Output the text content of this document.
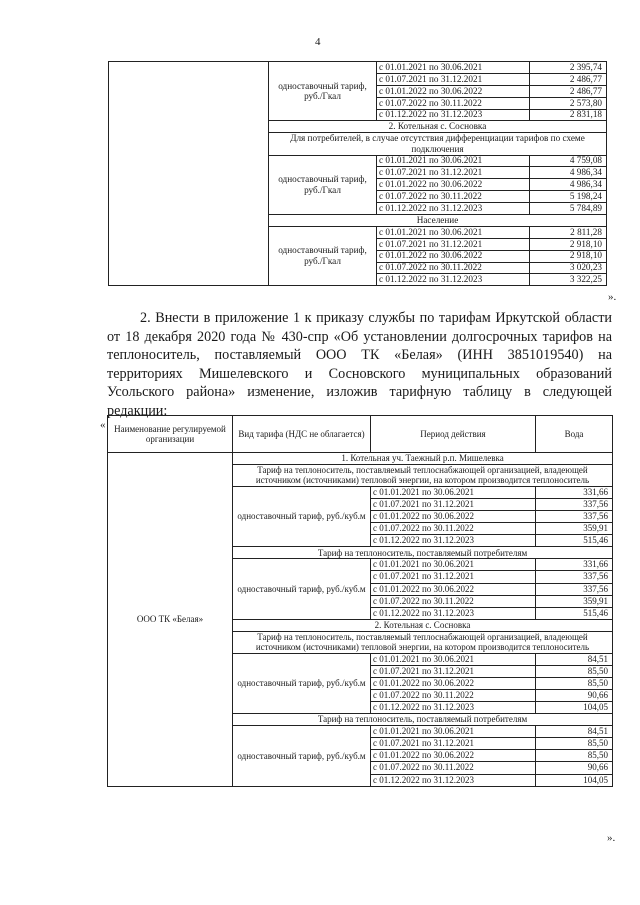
4
	одноставочный тариф, руб./Гкал	с 01.01.2021 по 30.06.2021	2 395,74
		с 01.07.2021 по 31.12.2021	2 486,77
		с 01.01.2022 по 30.06.2022	2 486,77
		с 01.07.2022 по 30.11.2022	2 573,80
		с 01.12.2022 по 31.12.2023	2 831,18
	2. Котельная с. Сосновка		
	Для потребителей, в случае отсутствия дифференциации тарифов по схеме подключения		
	одноставочный тариф, руб./Гкал	с 01.01.2021 по 30.06.2021	4 759,08
		с 01.07.2021 по 31.12.2021	4 986,34
		с 01.01.2022 по 30.06.2022	4 986,34
		с 01.07.2022 по 30.11.2022	5 198,24
		с 01.12.2022 по 31.12.2023	5 784,89
	Население		
	одноставочный тариф, руб./Гкал	с 01.01.2021 по 30.06.2021	2 811,28
		с 01.07.2021 по 31.12.2021	2 918,10
		с 01.01.2022 по 30.06.2022	2 918,10
		с 01.07.2022 по 30.11.2022	3 020,23
		с 01.12.2022 по 31.12.2023	3 322,25
».
2. Внести в приложение 1 к приказу службы по тарифам Иркутской области от 18 декабря 2020 года № 430-спр «Об установлении долгосрочных тарифов на теплоноситель, поставляемый ООО ТК «Белая» (ИНН 3851019540) на территориях Мишелевского и Сосновского муниципальных образований Усольского района» изменение, изложив тарифную таблицу в следующей редакции:
« Наименование регулируемой организации	Вид тарифа (НДС не облагается)	Период действия	Вода
ООО ТК «Белая»	1. Котельная уч. Таежный р.п. Мишелевка		
	Тариф на теплоноситель, поставляемый теплоснабжающей организацией, владеющей источником (источниками) тепловой энергии, на котором производится теплоноситель		
	одноставочный тариф, руб./куб.м	с 01.01.2021 по 30.06.2021	331,66
		с 01.07.2021 по 31.12.2021	337,56
		с 01.01.2022 по 30.06.2022	337,56
		с 01.07.2022 по 30.11.2022	359,91
		с 01.12.2022 по 31.12.2023	515,46
	Тариф на теплоноситель, поставляемый потребителям		
	одноставочный тариф, руб./куб.м	с 01.01.2021 по 30.06.2021	331,66
		с 01.07.2021 по 31.12.2021	337,56
		с 01.01.2022 по 30.06.2022	337,56
		с 01.07.2022 по 30.11.2022	359,91
		с 01.12.2022 по 31.12.2023	515,46
	2. Котельная с. Сосновка		
	Тариф на теплоноситель, поставляемый теплоснабжающей организацией, владеющей источником (источниками) тепловой энергии, на котором производится теплоноситель		
	одноставочный тариф, руб./куб.м	с 01.01.2021 по 30.06.2021	84,51
		с 01.07.2021 по 31.12.2021	85,50
		с 01.01.2022 по 30.06.2022	85,50
		с 01.07.2022 по 30.11.2022	90,66
		с 01.12.2022 по 31.12.2023	104,05
	Тариф на теплоноситель, поставляемый потребителям		
	одноставочный тариф, руб./куб.м	с 01.01.2021 по 30.06.2021	84,51
		с 01.07.2021 по 31.12.2021	85,50
		с 01.01.2022 по 30.06.2022	85,50
		с 01.07.2022 по 30.11.2022	90,66
		с 01.12.2022 по 31.12.2023	104,05
».
